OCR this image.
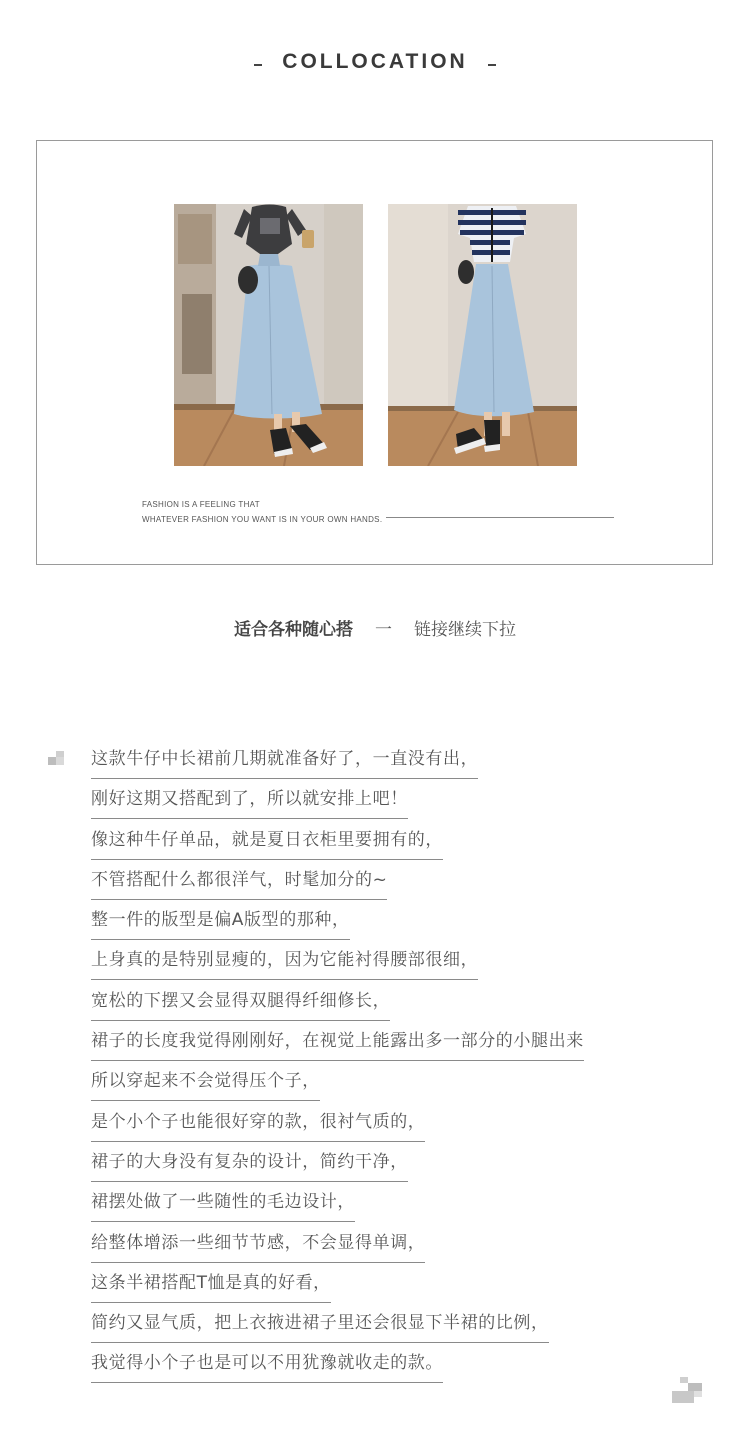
COLLOCATION
FASHION IS A FEELING THAT
WHATEVER FASHION YOU WANT IS IN YOUR OWN HANDS.
适合各种随心搭 一 链接继续下拉
这款牛仔中长裙前几期就准备好了，一直没有出，
刚好这期又搭配到了，所以就安排上吧！
像这种牛仔单品，就是夏日衣柜里要拥有的，
不管搭配什么都很洋气，时髦加分的~
整一件的版型是偏A版型的那种，
上身真的是特别显瘦的，因为它能衬得腰部很细，
宽松的下摆又会显得双腿得纤细修长，
裙子的长度我觉得刚刚好，在视觉上能露出多一部分的小腿出来
所以穿起来不会觉得压个子，
是个小个子也能很好穿的款，很衬气质的，
裙子的大身没有复杂的设计，简约干净，
裙摆处做了一些随性的毛边设计，
给整体增添一些细节节感，不会显得单调，
这条半裙搭配T恤是真的好看，
简约又显气质，把上衣掖进裙子里还会很显下半裙的比例，
我觉得小个子也是可以不用犹豫就收走的款。
